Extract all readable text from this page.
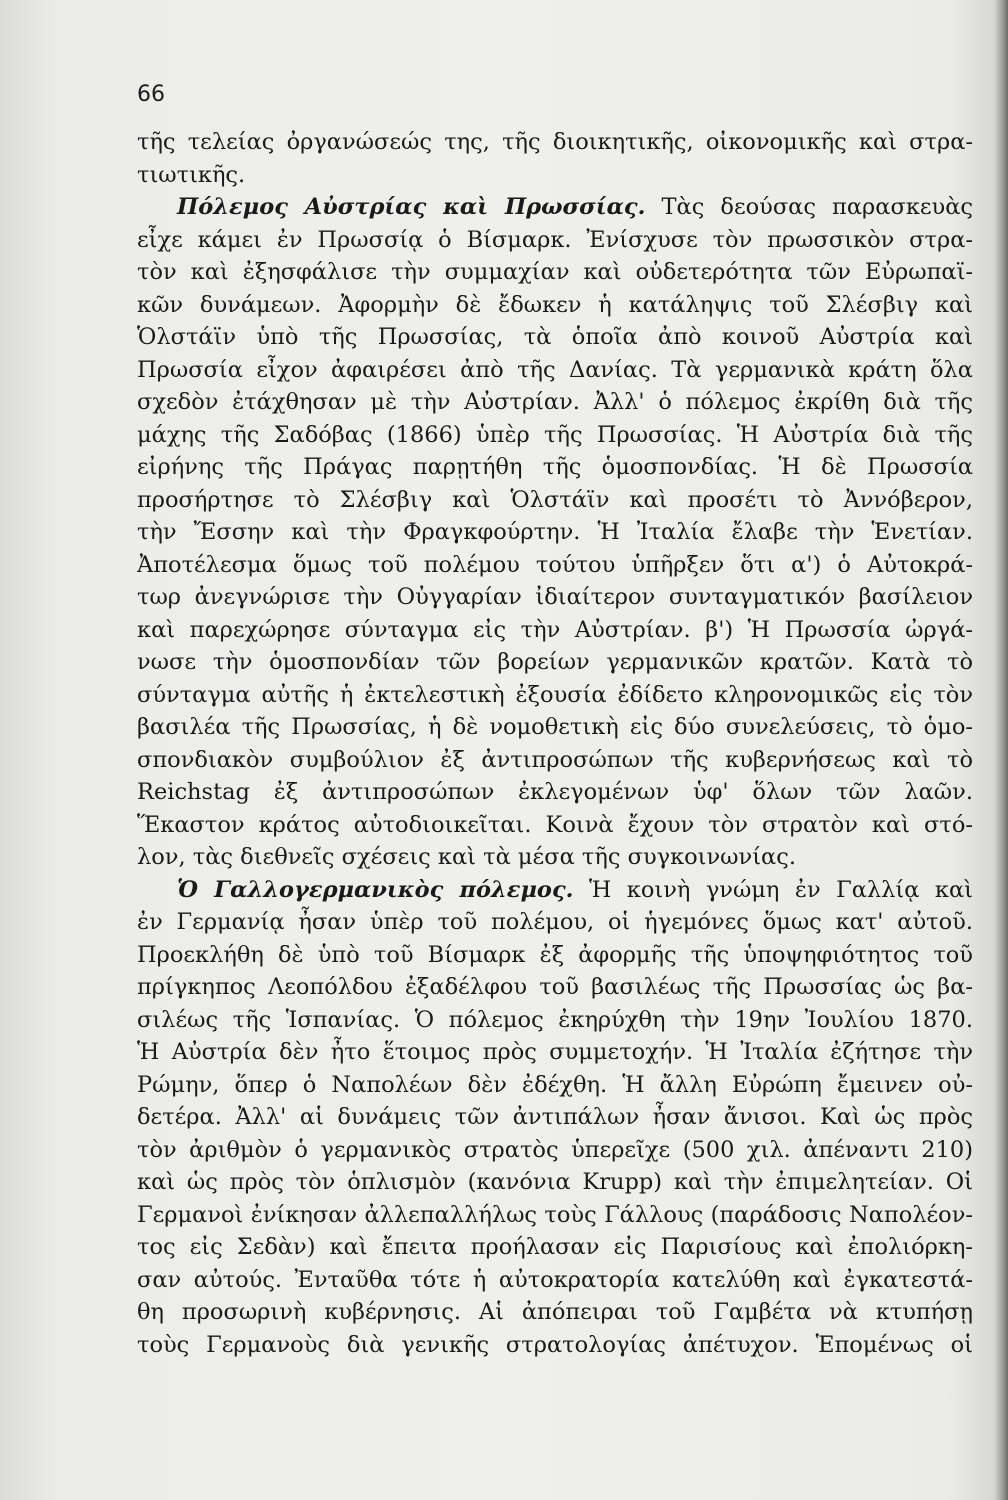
66
τῆς τελείας ὀργανώσεώς της, τῆς διοικητικῆς, οἰκονομικῆς καὶ στρα-
τιωτικῆς.
Πόλεμος Αὐστρίας καὶ Πρωσσίας. Τὰς δεούσας παρασκευὰς
εἶχε κάμει ἐν Πρωσσίᾳ ὁ Βίσμαρκ. Ἐνίσχυσε τὸν πρωσσικὸν στρα-
τὸν καὶ ἐξησφάλισε τὴν συμμαχίαν καὶ οὐδετερότητα τῶν Εὐρωπαϊ-
κῶν δυνάμεων. Ἀφορμὴν δὲ ἔδωκεν ἡ κατάληψις τοῦ Σλέσβιγ καὶ
Ὁλστάϊν ὑπὸ τῆς Πρωσσίας, τὰ ὁποῖα ἀπὸ κοινοῦ Αὐστρία καὶ
Πρωσσία εἶχον ἀφαιρέσει ἀπὸ τῆς Δανίας. Τὰ γερμανικὰ κράτη ὅλα
σχεδὸν ἐτάχθησαν μὲ τὴν Αὐστρίαν. Ἀλλ' ὁ πόλεμος ἐκρίθη διὰ τῆς
μάχης τῆς Σαδόβας (1866) ὑπὲρ τῆς Πρωσσίας. Ἡ Αὐστρία διὰ τῆς
εἰρήνης τῆς Πράγας παρῃτήθη τῆς ὁμοσπονδίας. Ἡ δὲ Πρωσσία
προσήρτησε τὸ Σλέσβιγ καὶ Ὁλστάϊν καὶ προσέτι τὸ Ἀννόβερον,
τὴν Ἔσσην καὶ τὴν Φραγκφούρτην. Ἡ Ἰταλία ἔλαβε τὴν Ἑνετίαν.
Ἀποτέλεσμα ὅμως τοῦ πολέμου τούτου ὑπῆρξεν ὅτι α') ὁ Αὐτοκρά-
τωρ ἀνεγνώρισε τὴν Οὐγγαρίαν ἰδιαίτερον συνταγματικόν βασίλειον
καὶ παρεχώρησε σύνταγμα εἰς τὴν Αὐστρίαν. β') Ἡ Πρωσσία ὠργά-
νωσε τὴν ὁμοσπονδίαν τῶν βορείων γερμανικῶν κρατῶν. Κατὰ τὸ
σύνταγμα αὐτῆς ἡ ἐκτελεστικὴ ἐξουσία ἐδίδετο κληρονομικῶς εἰς τὸν
βασιλέα τῆς Πρωσσίας, ἡ δὲ νομοθετικὴ εἰς δύο συνελεύσεις, τὸ ὁμο-
σπονδιακὸν συμβούλιον ἐξ ἀντιπροσώπων τῆς κυβερνήσεως καὶ τὸ
Reichstag ἐξ ἀντιπροσώπων ἐκλεγομένων ὑφ' ὅλων τῶν λαῶν.
Ἕκαστον κράτος αὐτοδιοικεῖται. Κοινὰ ἔχουν τὸν στρατὸν καὶ στό-
λον, τὰς διεθνεῖς σχέσεις καὶ τὰ μέσα τῆς συγκοινωνίας.
Ὁ Γαλλογερμανικὸς πόλεμος. Ἡ κοινὴ γνώμη ἐν Γαλλίᾳ καὶ
ἐν Γερμανίᾳ ἦσαν ὑπὲρ τοῦ πολέμου, οἱ ἡγεμόνες ὅμως κατ' αὐτοῦ.
Προεκλήθη δὲ ὑπὸ τοῦ Βίσμαρκ ἐξ ἀφορμῆς τῆς ὑποψηφιότητος τοῦ
πρίγκηπος Λεοπόλδου ἐξαδέλφου τοῦ βασιλέως τῆς Πρωσσίας ὡς βα-
σιλέως τῆς Ἱσπανίας. Ὁ πόλεμος ἐκηρύχθη τὴν 19ην Ἰουλίου 1870.
Ἡ Αὐστρία δὲν ἦτο ἕτοιμος πρὸς συμμετοχήν. Ἡ Ἰταλία ἐζήτησε τὴν
Ρώμην, ὅπερ ὁ Ναπολέων δὲν ἐδέχθη. Ἡ ἄλλη Εὐρώπη ἔμεινεν οὐ-
δετέρα. Ἀλλ' αἱ δυνάμεις τῶν ἀντιπάλων ἦσαν ἄνισοι. Καὶ ὡς πρὸς
τὸν ἀριθμὸν ὁ γερμανικὸς στρατὸς ὑπερεῖχε (500 χιλ. ἀπέναντι 210)
καὶ ὡς πρὸς τὸν ὁπλισμὸν (κανόνια Krupp) καὶ τὴν ἐπιμελητείαν. Οἱ
Γερμανοὶ ἐνίκησαν ἀλλεπαλλήλως τοὺς Γάλλους (παράδοσις Ναπολέον-
τος εἰς Σεδὰν) καὶ ἔπειτα προήλασαν εἰς Παρισίους καὶ ἐπολιόρκη-
σαν αὐτούς. Ἐνταῦθα τότε ἡ αὐτοκρατορία κατελύθη καὶ ἐγκατεστά-
θη προσωρινὴ κυβέρνησις. Αἱ ἀπόπειραι τοῦ Γαμβέτα νὰ κτυπήσῃ
τοὺς Γερμανοὺς διὰ γενικῆς στρατολογίας ἀπέτυχον. Ἑπομένως οἱ
